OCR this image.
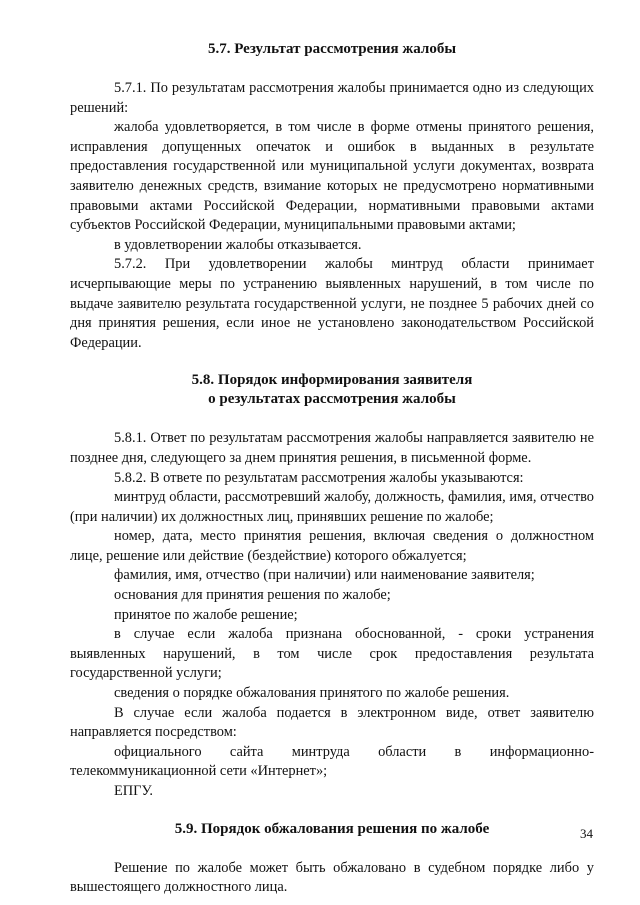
5.7. Результат рассмотрения жалобы

5.7.1. По результатам рассмотрения жалобы принимается одно из следующих решений:

жалоба удовлетворяется, в том числе в форме отмены принятого решения, исправления допущенных опечаток и ошибок в выданных в результате предоставления государственной или муниципальной услуги документах, возврата заявителю денежных средств, взимание которых не предусмотрено нормативными правовыми актами Российской Федерации, нормативными правовыми актами субъектов Российской Федерации, муниципальными правовыми актами;

в удовлетворении жалобы отказывается.

5.7.2. При удовлетворении жалобы минтруд области принимает исчерпывающие меры по устранению выявленных нарушений, в том числе по выдаче заявителю результата государственной услуги, не позднее 5 рабочих дней со дня принятия решения, если иное не установлено законодательством Российской Федерации.

5.8. Порядок информирования заявителя
о результатах рассмотрения жалобы

5.8.1. Ответ по результатам рассмотрения жалобы направляется заявителю не позднее дня, следующего за днем принятия решения, в письменной форме.

5.8.2. В ответе по результатам рассмотрения жалобы указываются:

минтруд области, рассмотревший жалобу, должность, фамилия, имя, отчество (при наличии) их должностных лиц, принявших решение по жалобе;

номер, дата, место принятия решения, включая сведения о должностном лице, решение или действие (бездействие) которого обжалуется;

фамилия, имя, отчество (при наличии) или наименование заявителя;

основания для принятия решения по жалобе;

принятое по жалобе решение;

в случае если жалоба признана обоснованной, - сроки устранения выявленных нарушений, в том числе срок предоставления результата государственной услуги;

сведения о порядке обжалования принятого по жалобе решения.

В случае если жалоба подается в электронном виде, ответ заявителю направляется посредством:

официального сайта минтруда области в информационно-телекоммуникационной сети «Интернет»;

ЕПГУ.

5.9. Порядок обжалования решения по жалобе

Решение по жалобе может быть обжаловано в судебном порядке либо у вышестоящего должностного лица.

34
